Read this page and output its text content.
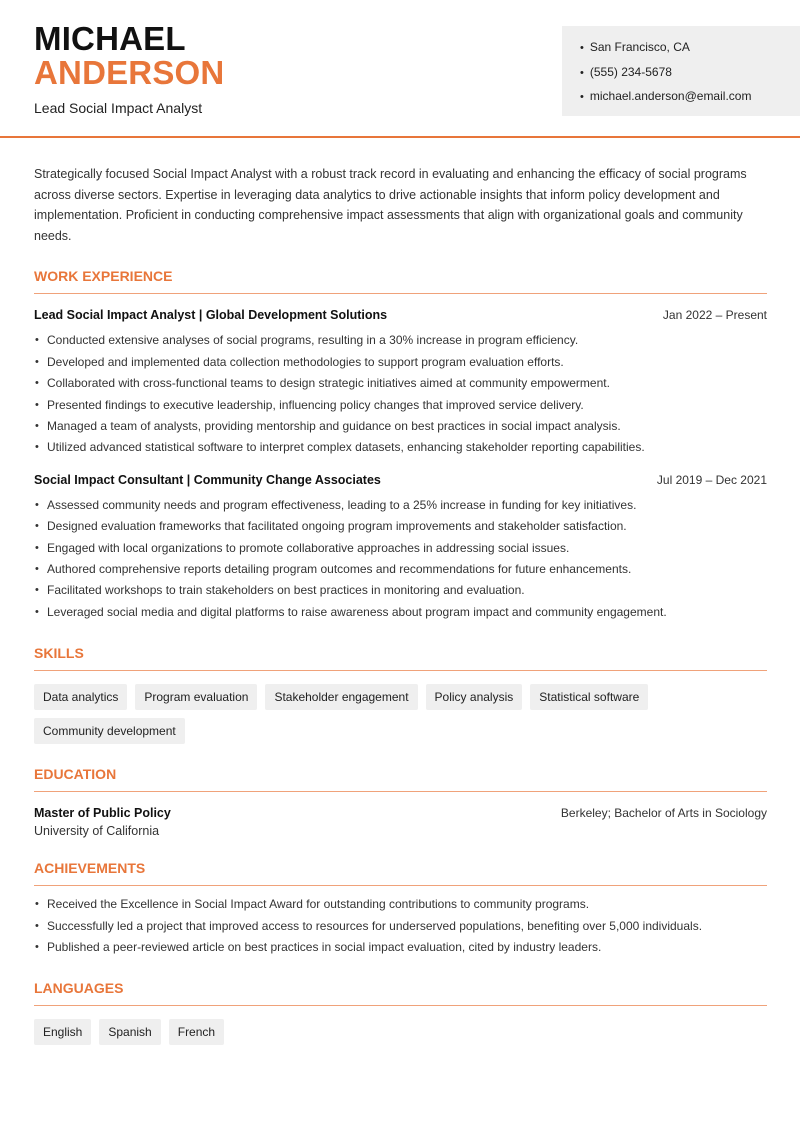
MICHAEL
ANDERSON
Lead Social Impact Analyst
• San Francisco, CA
• (555) 234-5678
• michael.anderson@email.com

Strategically focused Social Impact Analyst with a robust track record in evaluating and enhancing the efficacy of social programs across diverse sectors. Expertise in leveraging data analytics to drive actionable insights that inform policy development and implementation. Proficient in conducting comprehensive impact assessments that align with organizational goals and community needs.

WORK EXPERIENCE
Lead Social Impact Analyst | Global Development Solutions	Jan 2022 – Present
• Conducted extensive analyses of social programs, resulting in a 30% increase in program efficiency.
• Developed and implemented data collection methodologies to support program evaluation efforts.
• Collaborated with cross-functional teams to design strategic initiatives aimed at community empowerment.
• Presented findings to executive leadership, influencing policy changes that improved service delivery.
• Managed a team of analysts, providing mentorship and guidance on best practices in social impact analysis.
• Utilized advanced statistical software to interpret complex datasets, enhancing stakeholder reporting capabilities.
Social Impact Consultant | Community Change Associates	Jul 2019 – Dec 2021
• Assessed community needs and program effectiveness, leading to a 25% increase in funding for key initiatives.
• Designed evaluation frameworks that facilitated ongoing program improvements and stakeholder satisfaction.
• Engaged with local organizations to promote collaborative approaches in addressing social issues.
• Authored comprehensive reports detailing program outcomes and recommendations for future enhancements.
• Facilitated workshops to train stakeholders on best practices in monitoring and evaluation.
• Leveraged social media and digital platforms to raise awareness about program impact and community engagement.
SKILLS
Data analytics	Program evaluation	Stakeholder engagement	Policy analysis	Statistical software
Community development
EDUCATION
Master of Public Policy	Berkeley; Bachelor of Arts in Sociology
University of California
ACHIEVEMENTS
• Received the Excellence in Social Impact Award for outstanding contributions to community programs.
• Successfully led a project that improved access to resources for underserved populations, benefiting over 5,000 individuals.
• Published a peer-reviewed article on best practices in social impact evaluation, cited by industry leaders.
LANGUAGES
English	Spanish	French
